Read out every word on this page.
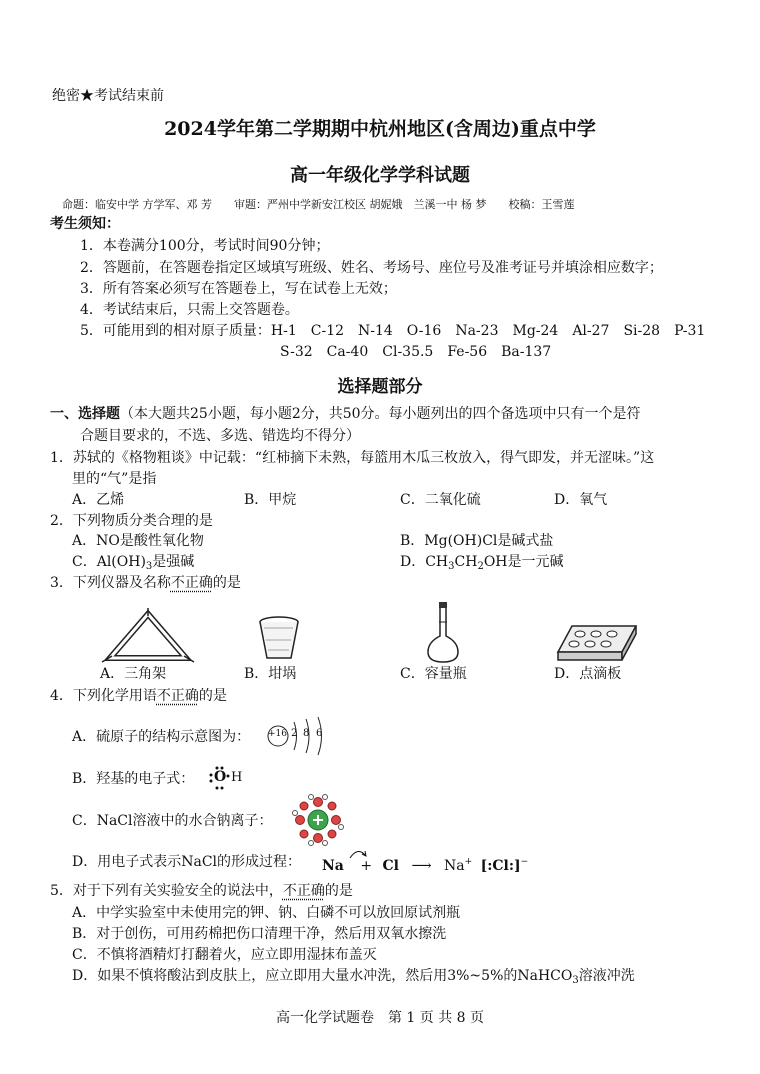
绝密★考试结束前
2024学年第二学期期中杭州地区(含周边)重点中学
高一年级化学学科试题
命题：临安中学 方学军、邓 芳　　审题：严州中学新安江校区 胡妮娥　兰溪一中 杨 梦　　校稿：王雪莲
考生须知：
1．本卷满分100分，考试时间90分钟；
2．答题前，在答题卷指定区域填写班级、姓名、考场号、座位号及准考证号并填涂相应数字；
3．所有答案必须写在答题卷上，写在试卷上无效；
4．考试结束后，只需上交答题卷。
5．可能用到的相对原子质量：H-1　C-12　N-14　O-16　Na-23　Mg-24　Al-27　Si-28　P-31
S-32　Ca-40　Cl-35.5　Fe-56　Ba-137
选择题部分
一、选择题（本大题共25小题，每小题2分，共50分。每小题列出的四个备选项中只有一个是符
合题目要求的，不选、多选、错选均不得分）
1．苏轼的《格物粗谈》中记载：“红柿摘下未熟，每篮用木瓜三枚放入，得气即发，并无涩味。”这
里的“气”是指
A．乙烯	B．甲烷	C．二氧化硫	D．氧气
2．下列物质分类合理的是
A．NO是酸性氧化物	B．Mg(OH)Cl是碱式盐
C．$Al(OH)_3$是强碱	D．$CH_3CH_2OH$是一元碱
3．下列仪器及名称不正确的是
A．三角架	B．坩埚	C．容量瓶	D．点滴板
4．下列化学用语不正确的是
A．硫原子的结构示意图为： +16 2 8 6
B．羟基的电子式： O H
C．NaCl溶液中的水合钠离子：
D．用电子式表示NaCl的形成过程： Na + Cl ⟶ Na+ [:Cl:]−
5．对于下列有关实验安全的说法中，不正确的是
A．中学实验室中未使用完的钾、钠、白磷不可以放回原试剂瓶
B．对于创伤，可用药棉把伤口清理干净，然后用双氧水擦洗
C．不慎将酒精灯打翻着火，应立即用湿抹布盖灭
D．如果不慎将酸沾到皮肤上，应立即用大量水冲洗，然后用3%~5%的NaHCO$_3$溶液冲洗
高一化学试题卷　第 1 页 共 8 页
